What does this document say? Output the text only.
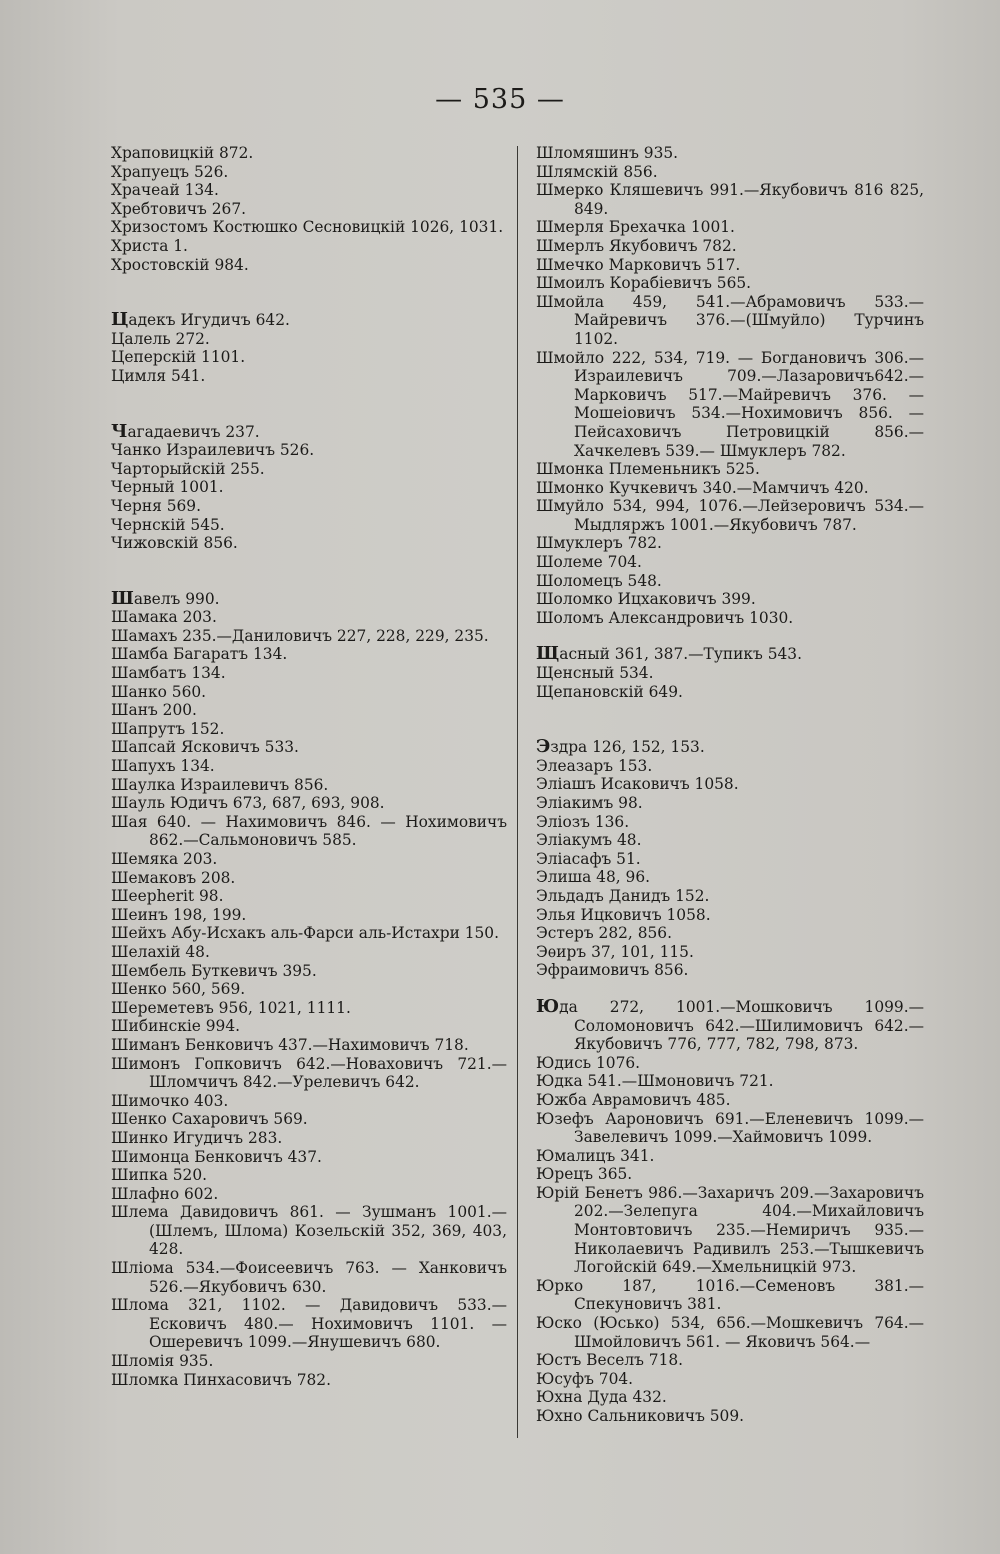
— 535 —
Храповицкій 872.
Храпуецъ 526.
Храчеай 134.
Хребтовичъ 267.
Хризостомъ Костюшко Сесновицкій 1026, 1031.
Христа 1.
Хростовскій 984.
Цадекъ Игудичъ 642.
Цалель 272.
Цеперскій 1101.
Цимля 541.
Чагадаевичъ 237.
Чанко Израилевичъ 526.
Чарторыйскій 255.
Черный 1001.
Черня 569.
Чернскій 545.
Чижовскій 856.
Шавелъ 990.
Шамака 203.
Шамахъ 235.—Даниловичъ 227, 228, 229, 235.
Шамба Багаратъ 134.
Шамбатъ 134.
Шанко 560.
Шанъ 200.
Шапрутъ 152.
Шапсай Ясковичъ 533.
Шапухъ 134.
Шаулка Израилевичъ 856.
Шауль Юдичъ 673, 687, 693, 908.
Шая 640. — Нахимовичъ 846. — Нохимовичъ 862.—Сальмоновичъ 585.
Шемяка 203.
Шемаковъ 208.
Шеерherit 98.
Шеинъ 198, 199.
Шейхъ Абу-Исхакъ аль-Фарси аль-Истахри 150.
Шелахій 48.
Шембель Буткевичъ 395.
Шенко 560, 569.
Шереметевъ 956, 1021, 1111.
Шибинскіе 994.
Шиманъ Бенковичъ 437.—Нахимовичъ 718.
Шимонъ Гопковичъ 642.—Новаховичъ 721.— Шломчичъ 842.—Урелевичъ 642.
Шимочко 403.
Шенко Сахаровичъ 569.
Шинко Игудичъ 283.
Шимонца Бенковичъ 437.
Шипка 520.
Шлафно 602.
Шлема Давидовичъ 861. — Зушманъ 1001.— (Шлемъ, Шлома) Козельскій 352, 369, 403, 428.
Шлiома 534.—Фоисеевичъ 763. — Ханковичъ 526.—Якубовичъ 630.
Шлома 321, 1102. — Давидовичъ 533.—Есковичъ 480.— Нохимовичъ 1101. — Ошеревичъ 1099.—Янушевичъ 680.
Шломія 935.
Шломка Пинхасовичъ 782.
Шломяшинъ 935.
Шлямскій 856.
Шмерко Кляшевичъ 991.—Якубовичъ 816 825, 849.
Шмерля Брехачка 1001.
Шмерлъ Якубовичъ 782.
Шмечко Марковичъ 517.
Шмоилъ Корабіевичъ 565.
Шмойла 459, 541.—Абрамовичъ 533.—Майревичъ 376.—(Шмуйло) Турчинъ 1102.
Шмойло 222, 534, 719. — Богдановичъ 306.— Израилевичъ 709.—Лазаровичъ642.—Марковичъ 517.—Майревичъ 376. — Мошеіовичъ 534.—Нохимовичъ 856. — Пейсаховичъ Петровицкій 856.—Хачкелевъ 539.— Шмуклеръ 782.
Шмонка Племеньникъ 525.
Шмонко Кучкевичъ 340.—Мамчичъ 420.
Шмуйло 534, 994, 1076.—Лейзеровичъ 534.— Мыдляржъ 1001.—Якубовичъ 787.
Шмуклеръ 782.
Шолеме 704.
Шоломецъ 548.
Шоломко Ицхаковичъ 399.
Шоломъ Александровичъ 1030.
Щасный 361, 387.—Тупикъ 543.
Щенсный 534.
Щепановскій 649.
Эздра 126, 152, 153.
Элеазаръ 153.
Эліашъ Исаковичъ 1058.
Эліакимъ 98.
Эліозъ 136.
Эліакумъ 48.
Эліасафъ 51.
Элиша 48, 96.
Эльдадъ Данидъ 152.
Элья Ицковичъ 1058.
Эстеръ 282, 856.
Эѳиръ 37, 101, 115.
Эфраимовичъ 856.
Юда 272, 1001.—Мошковичъ 1099.—Соломоновичъ 642.—Шилимовичъ 642.—Якубовичъ 776, 777, 782, 798, 873.
Юдись 1076.
Юдка 541.—Шмоновичъ 721.
Южба Аврамовичъ 485.
Юзефъ Аароновичъ 691.—Еленевичъ 1099.— Завелевичъ 1099.—Хаймовичъ 1099.
Юмалицъ 341.
Юрецъ 365.
Юрій Бенетъ 986.—Захаричъ 209.—Захаровичъ 202.—Зелепуга 404.—Михайловичъ Монтовтовичъ 235.—Немиричъ 935.—Николаевичъ Радивилъ 253.—Тышкевичъ Логойскій 649.—Хмельницкій 973.
Юрко 187, 1016.—Семеновъ 381.—Спекуновичъ 381.
Юско (Юсько) 534, 656.—Мошкевичъ 764.— Шмойловичъ 561. — Яковичъ 564.—
Юстъ Веселъ 718.
Юсуфъ 704.
Юхна Дуда 432.
Юхно Сальниковичъ 509.
